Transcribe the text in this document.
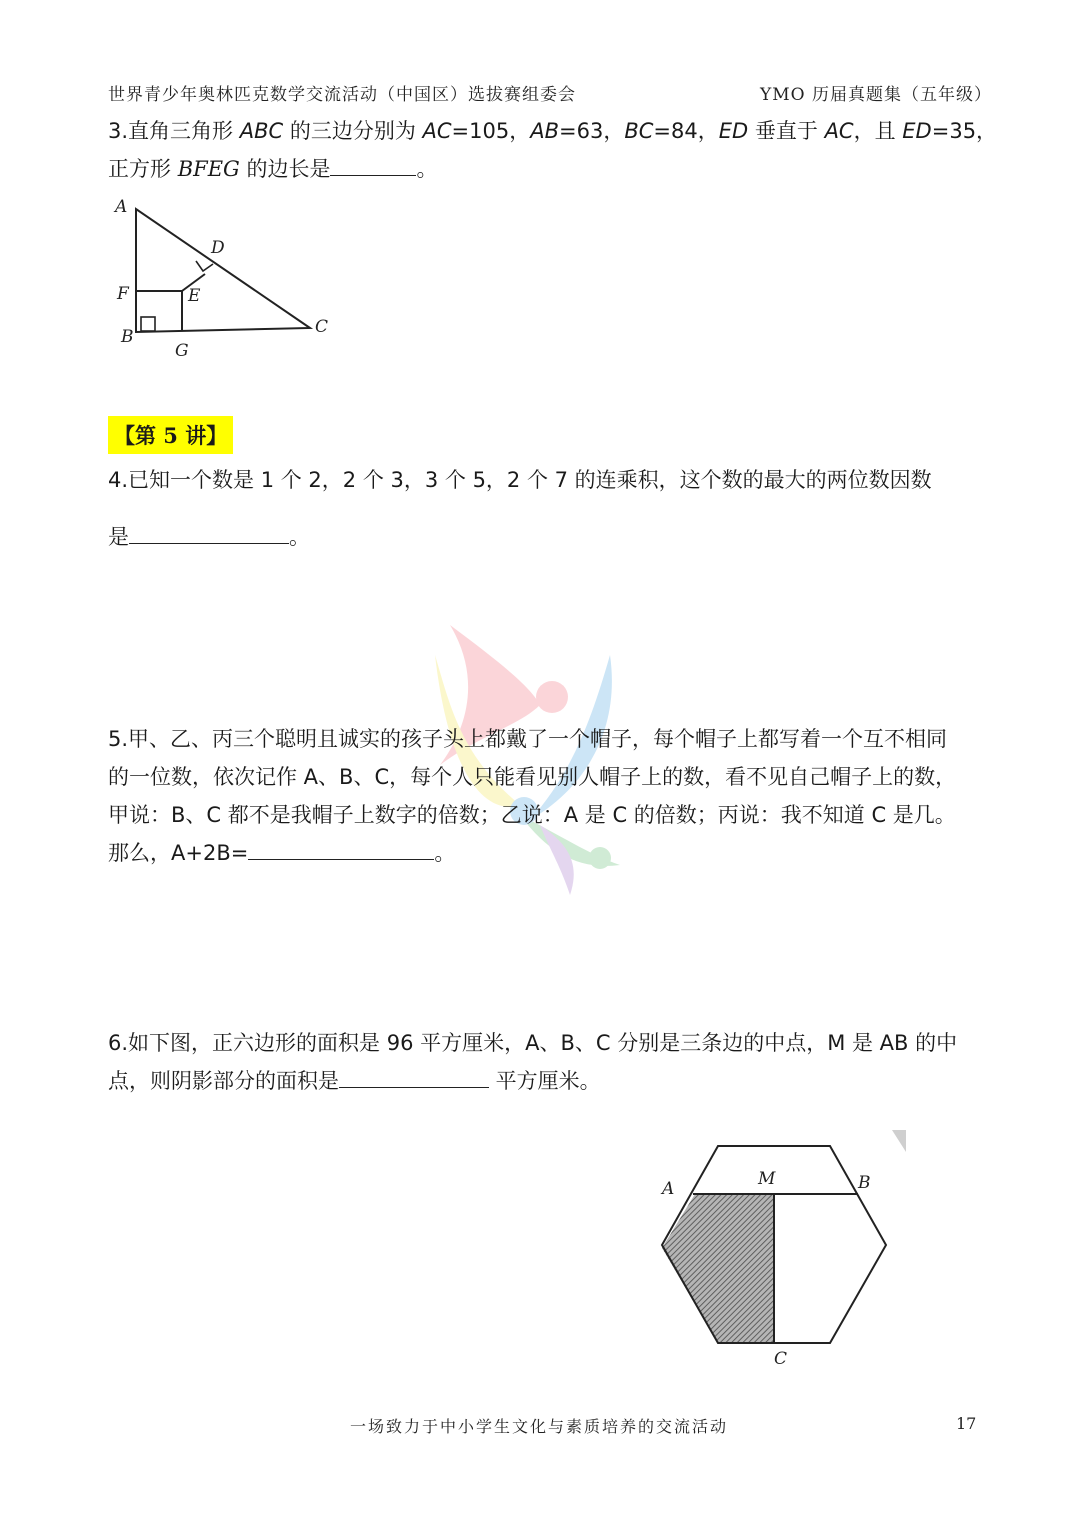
世界青少年奥林匹克数学交流活动（中国区）选拔赛组委会	YMO 历届真题集（五年级）
3.直角三角形 ABC 的三边分别为 AC=105，AB=63，BC=84，ED 垂直于 AC，且 ED=35，
正方形 BFEG 的边长是	。
A
D
F	E
B
G
C
【第 5 讲】
4.已知一个数是 1 个 2，2 个 3，3 个 5，2 个 7 的连乘积，这个数的最大的两位数因数
是	。
5.甲、乙、丙三个聪明且诚实的孩子头上都戴了一个帽子，每个帽子上都写着一个互不相同
的一位数，依次记作 A、B、C，每个人只能看见别人帽子上的数，看不见自己帽子上的数，
甲说：B、C 都不是我帽子上数字的倍数；乙说：A 是 C 的倍数；丙说：我不知道 C 是几。
那么，A+2B=	。
6.如下图，正六边形的面积是 96 平方厘米，A、B、C 分别是三条边的中点，M 是 AB 的中
点，则阴影部分的面积是	平方厘米。
A	M	B
C
一场致力于中小学生文化与素质培养的交流活动	17
